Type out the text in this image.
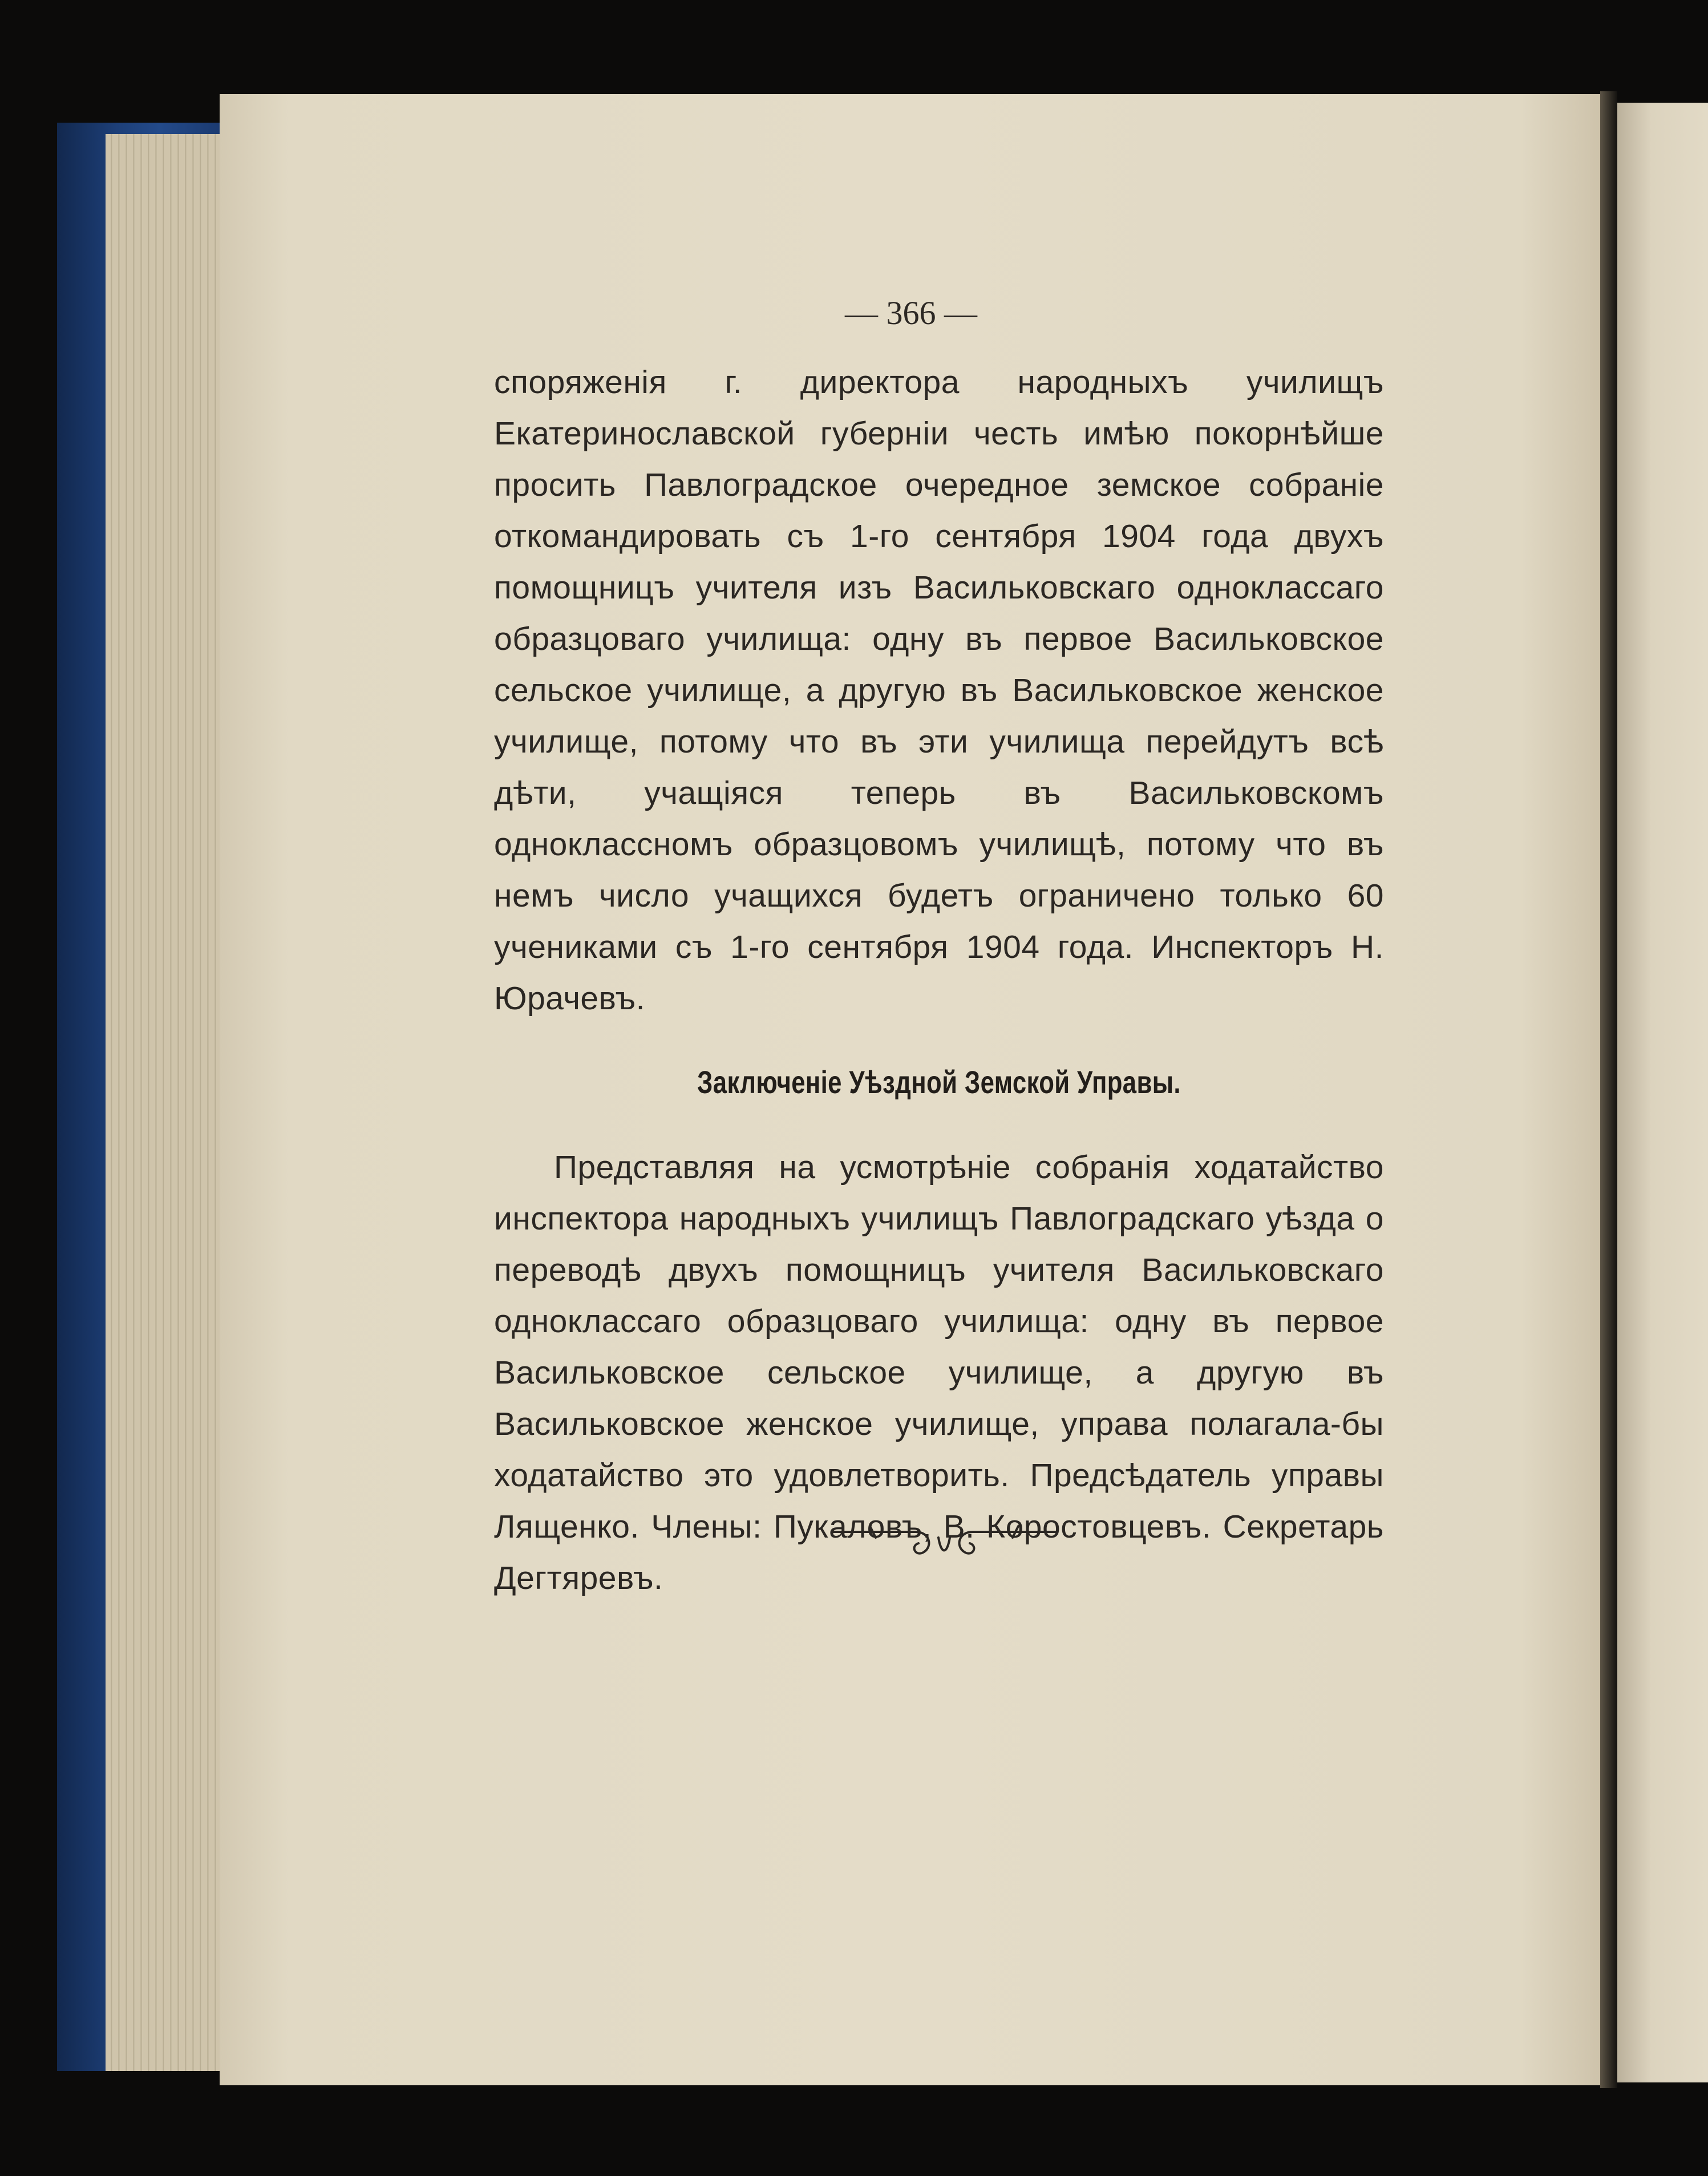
— 366 —

споряженія г. директора народныхъ училищъ Екатеринославской губерніи честь имѣю покорнѣйше просить Павлоградское очередное земское собраніе откомандировать съ 1-го сентября 1904 года двухъ помощницъ учителя изъ Васильковскаго одноклассаго образцоваго училища: одну въ первое Васильковское сельское училище, а другую въ Васильковское женское училище, потому что въ эти училища перейдутъ всѣ дѣти, учащіяся теперь въ Васильковскомъ одноклассномъ образцовомъ училищѣ, потому что въ немъ число учащихся будетъ ограничено только 60 учениками съ 1-го сентября 1904 года. Инспекторъ Н. Юрачевъ.

Заключеніе Уѣздной Земской Управы.

Представляя на усмотрѣніе собранія ходатайство инспектора народныхъ училищъ Павлоградскаго уѣзда о переводѣ двухъ помощницъ учителя Васильковскаго одноклассаго образцоваго училища: одну въ первое Васильковское сельское училище, а другую въ Васильковское женское училище, управа полагала-бы ходатайство это удовлетворить. Предсѣдатель управы Лященко. Члены: Пукаловъ, В. Коростовцевъ. Секретарь Дегтяревъ.
